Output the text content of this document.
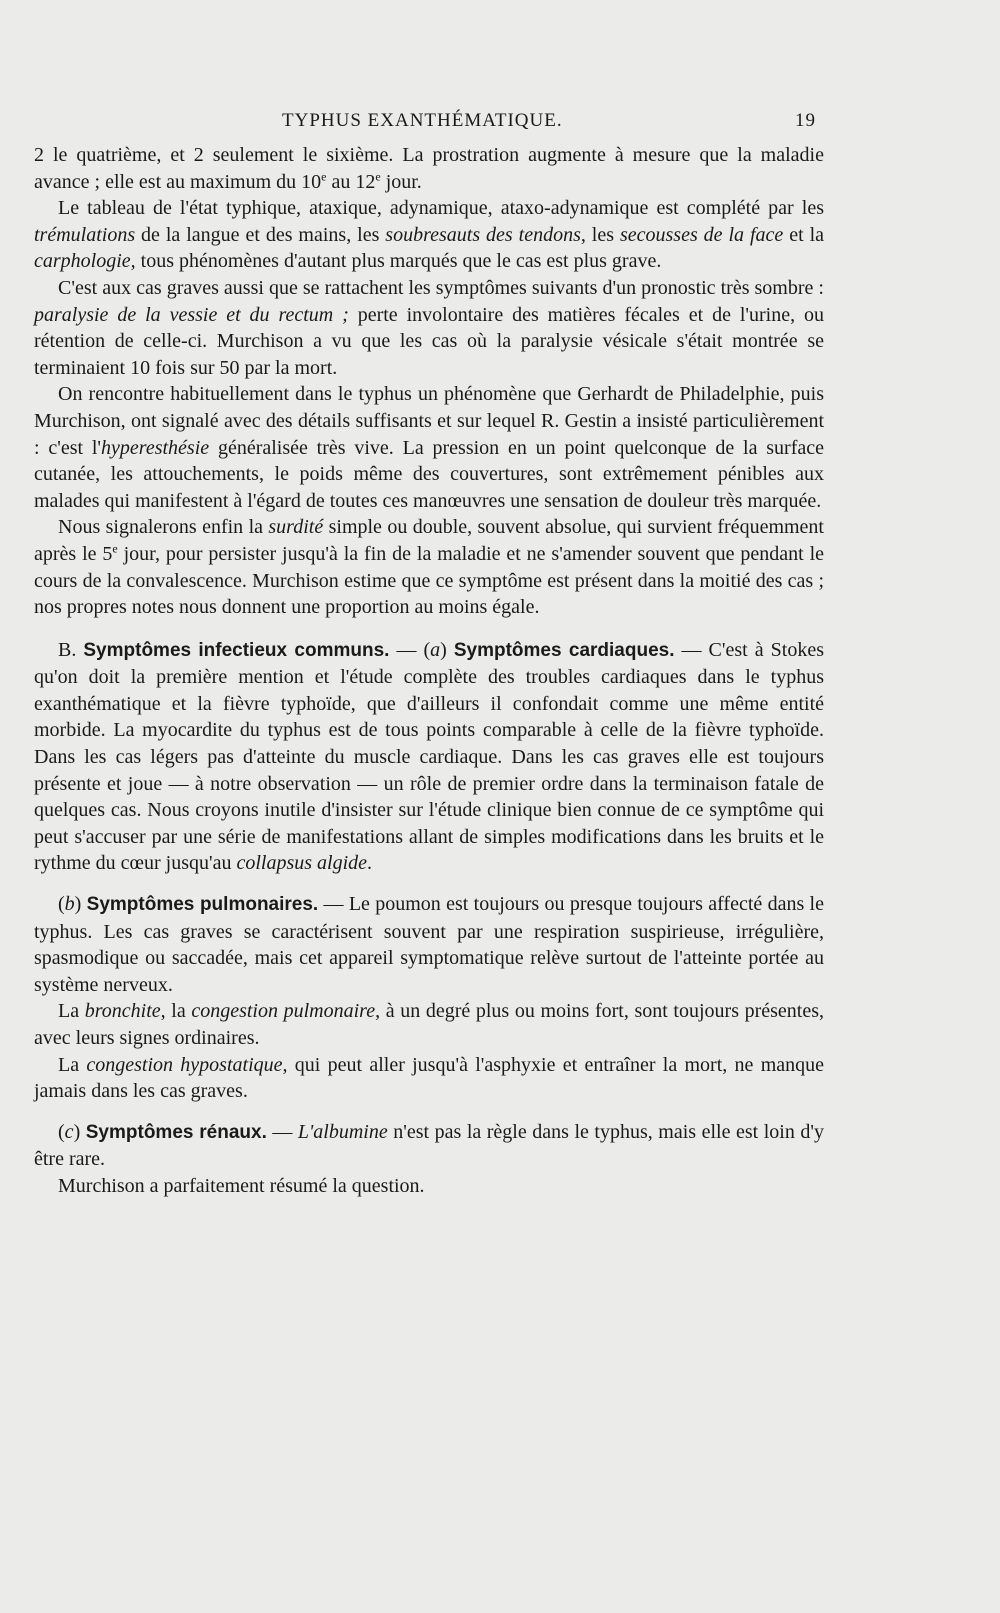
TYPHUS EXANTHÉMATIQUE.	19

2 le quatrième, et 2 seulement le sixième. La prostration augmente à mesure que la maladie avance ; elle est au maximum du 10e au 12e jour.

Le tableau de l'état typhique, ataxique, adynamique, ataxo-adynamique est complété par les trémulations de la langue et des mains, les soubresauts des tendons, les secousses de la face et la carphologie, tous phénomènes d'autant plus marqués que le cas est plus grave.

C'est aux cas graves aussi que se rattachent les symptômes suivants d'un pronostic très sombre : paralysie de la vessie et du rectum ; perte involontaire des matières fécales et de l'urine, ou rétention de celle-ci. Murchison a vu que les cas où la paralysie vésicale s'était montrée se terminaient 10 fois sur 50 par la mort.

On rencontre habituellement dans le typhus un phénomène que Gerhardt de Philadelphie, puis Murchison, ont signalé avec des détails suffisants et sur lequel R. Gestin a insisté particulièrement : c'est l'hyperesthésie généralisée très vive. La pression en un point quelconque de la surface cutanée, les attouchements, le poids même des couvertures, sont extrêmement pénibles aux malades qui manifestent à l'égard de toutes ces manœuvres une sensation de douleur très marquée.

Nous signalerons enfin la surdité simple ou double, souvent absolue, qui survient fréquemment après le 5e jour, pour persister jusqu'à la fin de la maladie et ne s'amender souvent que pendant le cours de la convalescence. Murchison estime que ce symptôme est présent dans la moitié des cas ; nos propres notes nous donnent une proportion au moins égale.

B. Symptômes infectieux communs. — (a) Symptômes cardiaques. — C'est à Stokes qu'on doit la première mention et l'étude complète des troubles cardiaques dans le typhus exanthématique et la fièvre typhoïde, que d'ailleurs il confondait comme une même entité morbide. La myocardite du typhus est de tous points comparable à celle de la fièvre typhoïde. Dans les cas légers pas d'atteinte du muscle cardiaque. Dans les cas graves elle est toujours présente et joue — à notre observation — un rôle de premier ordre dans la terminaison fatale de quelques cas. Nous croyons inutile d'insister sur l'étude clinique bien connue de ce symptôme qui peut s'accuser par une série de manifestations allant de simples modifications dans les bruits et le rythme du cœur jusqu'au collapsus algide.

(b) Symptômes pulmonaires. — Le poumon est toujours ou presque toujours affecté dans le typhus. Les cas graves se caractérisent souvent par une respiration suspirieuse, irrégulière, spasmodique ou saccadée, mais cet appareil symptomatique relève surtout de l'atteinte portée au système nerveux.

La bronchite, la congestion pulmonaire, à un degré plus ou moins fort, sont toujours présentes, avec leurs signes ordinaires.

La congestion hypostatique, qui peut aller jusqu'à l'asphyxie et entraîner la mort, ne manque jamais dans les cas graves.

(c) Symptômes rénaux. — L'albumine n'est pas la règle dans le typhus, mais elle est loin d'y être rare.

Murchison a parfaitement résumé la question.
